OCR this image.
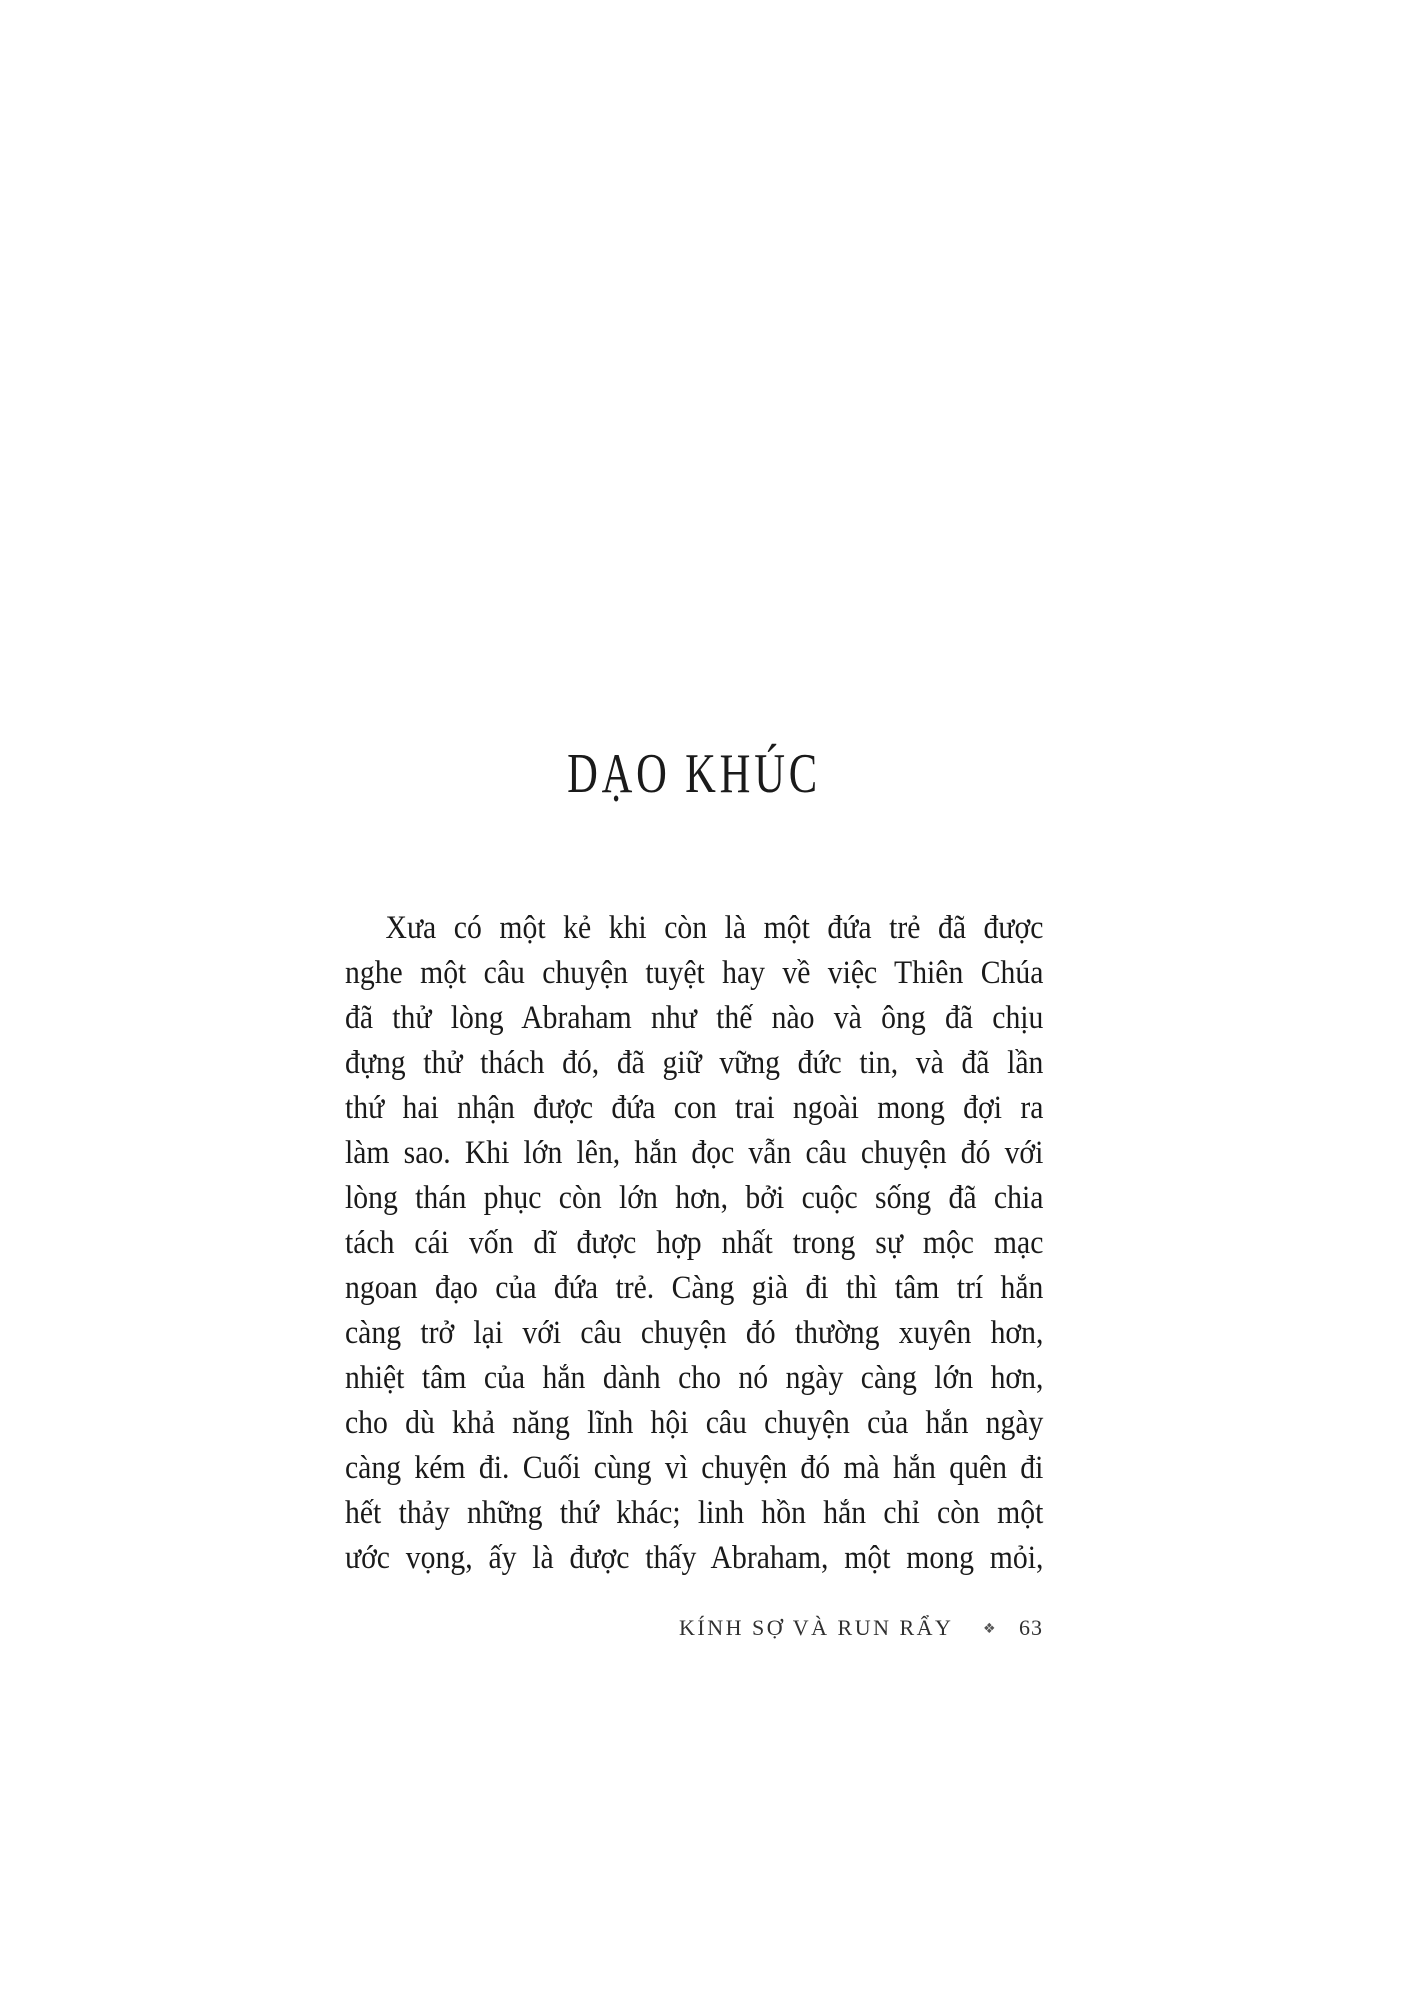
DẠO KHÚC
Xưa có một kẻ khi còn là một đứa trẻ đã được
nghe một câu chuyện tuyệt hay về việc Thiên Chúa
đã thử lòng Abraham như thế nào và ông đã chịu
đựng thử thách đó, đã giữ vững đức tin, và đã lần
thứ hai nhận được đứa con trai ngoài mong đợi ra
làm sao. Khi lớn lên, hắn đọc vẫn câu chuyện đó với
lòng thán phục còn lớn hơn, bởi cuộc sống đã chia
tách cái vốn dĩ được hợp nhất trong sự mộc mạc
ngoan đạo của đứa trẻ. Càng già đi thì tâm trí hắn
càng trở lại với câu chuyện đó thường xuyên hơn,
nhiệt tâm của hắn dành cho nó ngày càng lớn hơn,
cho dù khả năng lĩnh hội câu chuyện của hắn ngày
càng kém đi. Cuối cùng vì chuyện đó mà hắn quên đi
hết thảy những thứ khác; linh hồn hắn chỉ còn một
ước vọng, ấy là được thấy Abraham, một mong mỏi,
KÍNH SỢ VÀ RUN RẨY ❖ 63
